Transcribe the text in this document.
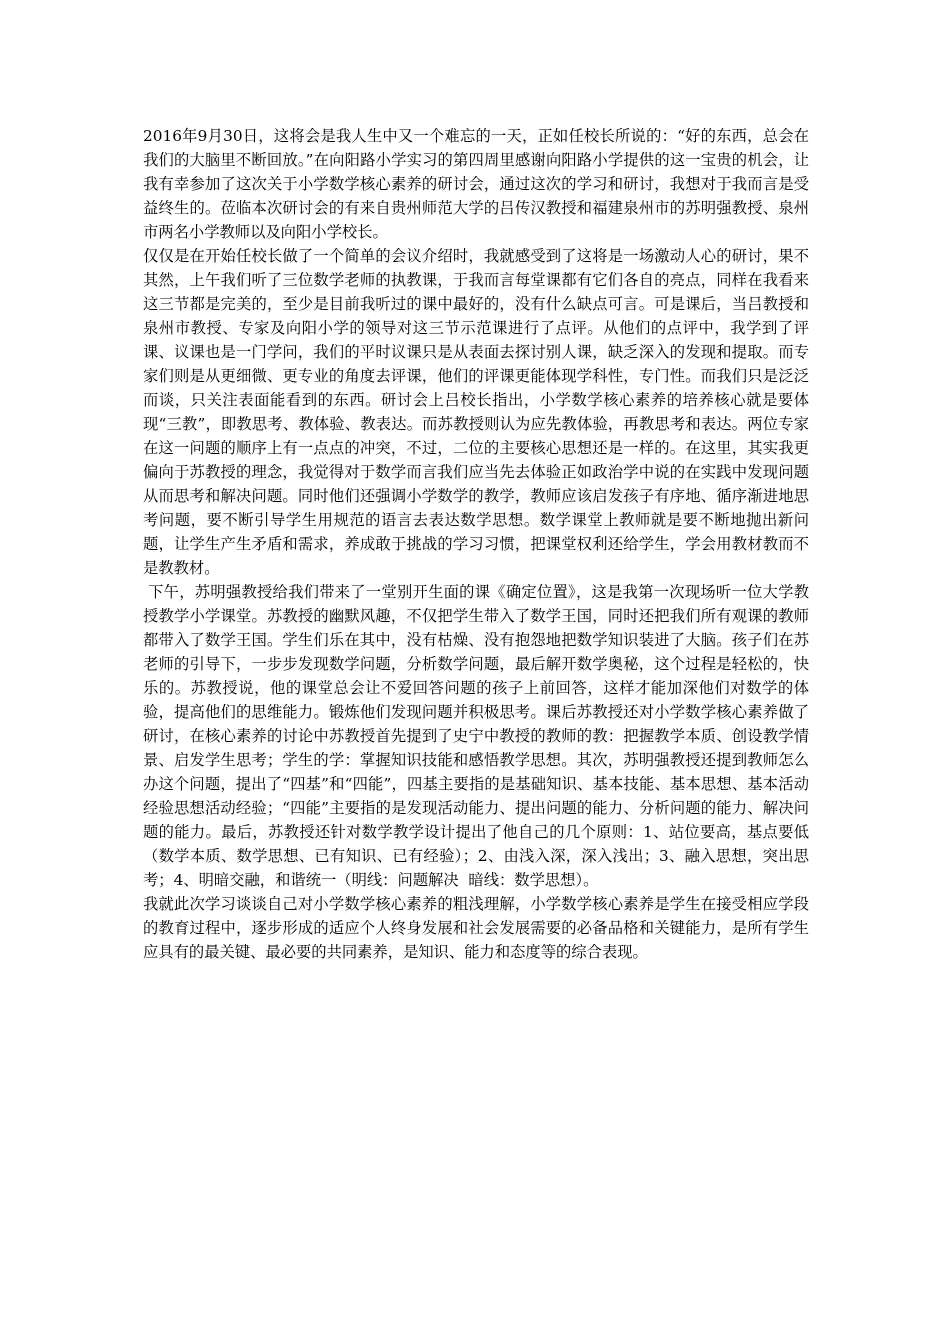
2016年9月30日，这将会是我人生中又一个难忘的一天，正如任校长所说的：“好的东西，总会在我们的大脑里不断回放。”在向阳路小学实习的第四周里感谢向阳路小学提供的这一宝贵的机会，让我有幸参加了这次关于小学数学核心素养的研讨会，通过这次的学习和研讨，我想对于我而言是受益终生的。莅临本次研讨会的有来自贵州师范大学的吕传汉教授和福建泉州市的苏明强教授、泉州市两名小学教师以及向阳小学校长。

仅仅是在开始任校长做了一个简单的会议介绍时，我就感受到了这将是一场激动人心的研讨，果不其然，上午我们听了三位数学老师的执教课，于我而言每堂课都有它们各自的亮点，同样在我看来这三节都是完美的，至少是目前我听过的课中最好的，没有什么缺点可言。可是课后，当吕教授和泉州市教授、专家及向阳小学的领导对这三节示范课进行了点评。从他们的点评中，我学到了评课、议课也是一门学问，我们的平时议课只是从表面去探讨别人课，缺乏深入的发现和提取。而专家们则是从更细微、更专业的角度去评课，他们的评课更能体现学科性，专门性。而我们只是泛泛而谈，只关注表面能看到的东西。研讨会上吕校长指出，小学数学核心素养的培养核心就是要体现“三教”，即教思考、教体验、教表达。而苏教授则认为应先教体验，再教思考和表达。两位专家在这一问题的顺序上有一点点的冲突，不过，二位的主要核心思想还是一样的。在这里，其实我更偏向于苏教授的理念，我觉得对于数学而言我们应当先去体验正如政治学中说的在实践中发现问题从而思考和解决问题。同时他们还强调小学数学的教学，教师应该启发孩子有序地、循序渐进地思考问题，要不断引导学生用规范的语言去表达数学思想。数学课堂上教师就是要不断地抛出新问题，让学生产生矛盾和需求，养成敢于挑战的学习习惯，把课堂权利还给学生，学会用教材教而不是教教材。

下午，苏明强教授给我们带来了一堂别开生面的课《确定位置》，这是我第一次现场听一位大学教授教学小学课堂。苏教授的幽默风趣，不仅把学生带入了数学王国，同时还把我们所有观课的教师都带入了数学王国。学生们乐在其中，没有枯燥、没有抱怨地把数学知识装进了大脑。孩子们在苏老师的引导下，一步步发现数学问题，分析数学问题，最后解开数学奥秘，这个过程是轻松的，快乐的。苏教授说，他的课堂总会让不爱回答问题的孩子上前回答，这样才能加深他们对数学的体验，提高他们的思维能力。锻炼他们发现问题并积极思考。课后苏教授还对小学数学核心素养做了研讨，在核心素养的讨论中苏教授首先提到了史宁中教授的教师的教：把握教学本质、创设教学情景、启发学生思考；学生的学：掌握知识技能和感悟教学思想。其次，苏明强教授还提到教师怎么办这个问题，提出了“四基”和“四能”，四基主要指的是基础知识、基本技能、基本思想、基本活动经验思想活动经验；“四能”主要指的是发现活动能力、提出问题的能力、分析问题的能力、解决问题的能力。最后，苏教授还针对数学教学设计提出了他自己的几个原则：1、站位要高，基点要低（数学本质、数学思想、已有知识、已有经验）；2、由浅入深，深入浅出；3、融入思想，突出思考；4、明暗交融，和谐统一（明线：问题解决  暗线：数学思想）。

我就此次学习谈谈自己对小学数学核心素养的粗浅理解，小学数学核心素养是学生在接受相应学段的教育过程中，逐步形成的适应个人终身发展和社会发展需要的必备品格和关键能力，是所有学生应具有的最关键、最必要的共同素养，是知识、能力和态度等的综合表现。
